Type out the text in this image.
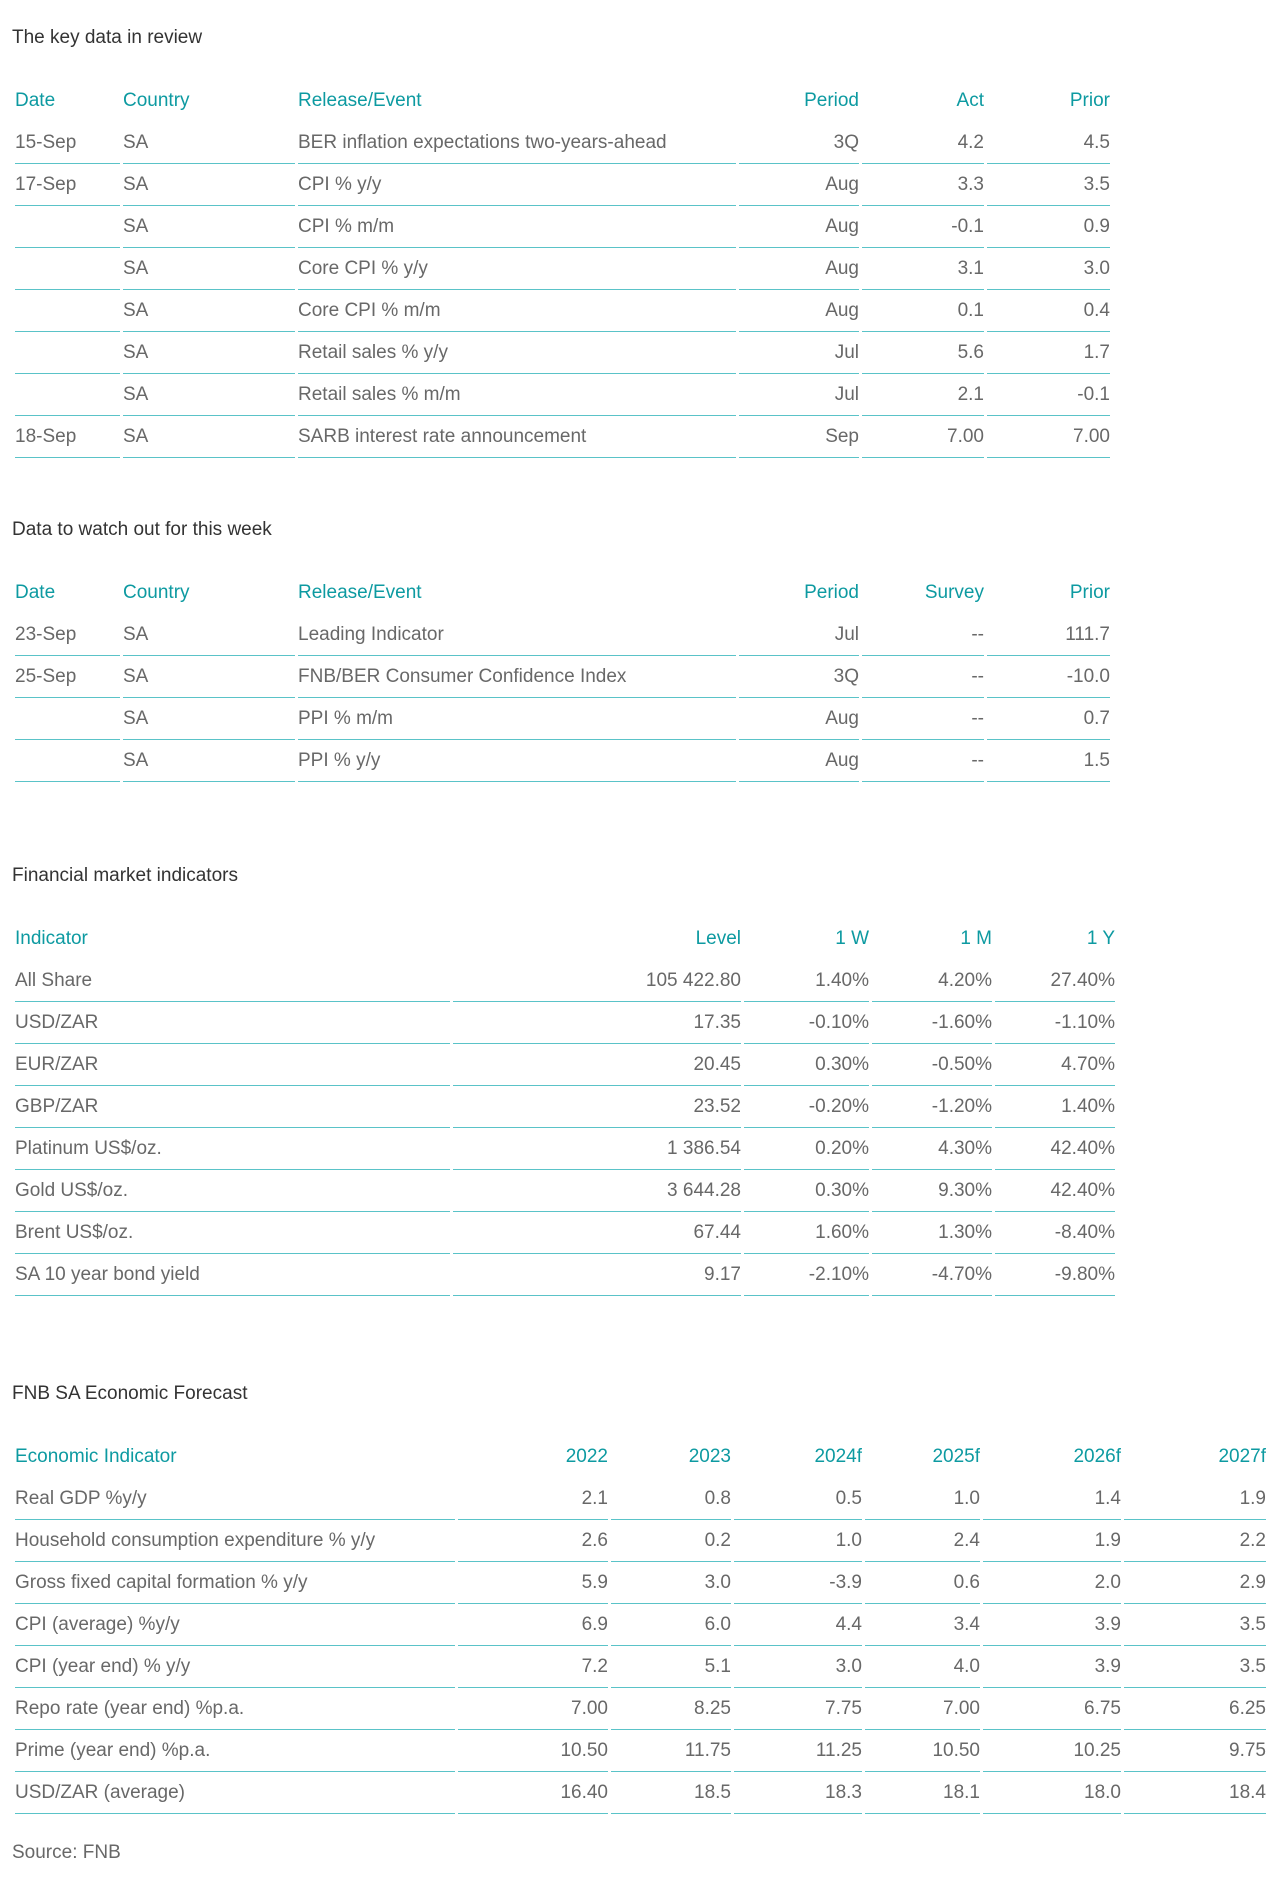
The key data in review
Date	Country	Release/Event	Period	Act	Prior
15-Sep	SA	BER inflation expectations two-years-ahead	3Q	4.2	4.5
17-Sep	SA	CPI % y/y	Aug	3.3	3.5
	SA	CPI % m/m	Aug	-0.1	0.9
	SA	Core CPI % y/y	Aug	3.1	3.0
	SA	Core CPI % m/m	Aug	0.1	0.4
	SA	Retail sales % y/y	Jul	5.6	1.7
	SA	Retail sales % m/m	Jul	2.1	-0.1
18-Sep	SA	SARB interest rate announcement	Sep	7.00	7.00
Data to watch out for this week
Date	Country	Release/Event	Period	Survey	Prior
23-Sep	SA	Leading Indicator	Jul	--	111.7
25-Sep	SA	FNB/BER Consumer Confidence Index	3Q	--	-10.0
	SA	PPI % m/m	Aug	--	0.7
	SA	PPI % y/y	Aug	--	1.5
Financial market indicators
Indicator	Level	1 W	1 M	1 Y
All Share	105 422.80	1.40%	4.20%	27.40%
USD/ZAR	17.35	-0.10%	-1.60%	-1.10%
EUR/ZAR	20.45	0.30%	-0.50%	4.70%
GBP/ZAR	23.52	-0.20%	-1.20%	1.40%
Platinum US$/oz.	1 386.54	0.20%	4.30%	42.40%
Gold US$/oz.	3 644.28	0.30%	9.30%	42.40%
Brent US$/oz.	67.44	1.60%	1.30%	-8.40%
SA 10 year bond yield	9.17	-2.10%	-4.70%	-9.80%
FNB SA Economic Forecast
Economic Indicator	2022	2023	2024f	2025f	2026f	2027f
Real GDP %y/y	2.1	0.8	0.5	1.0	1.4	1.9
Household consumption expenditure % y/y	2.6	0.2	1.0	2.4	1.9	2.2
Gross fixed capital formation % y/y	5.9	3.0	-3.9	0.6	2.0	2.9
CPI (average) %y/y	6.9	6.0	4.4	3.4	3.9	3.5
CPI (year end) % y/y	7.2	5.1	3.0	4.0	3.9	3.5
Repo rate (year end) %p.a.	7.00	8.25	7.75	7.00	6.75	6.25
Prime (year end) %p.a.	10.50	11.75	11.25	10.50	10.25	9.75
USD/ZAR (average)	16.40	18.5	18.3	18.1	18.0	18.4
Source: FNB
